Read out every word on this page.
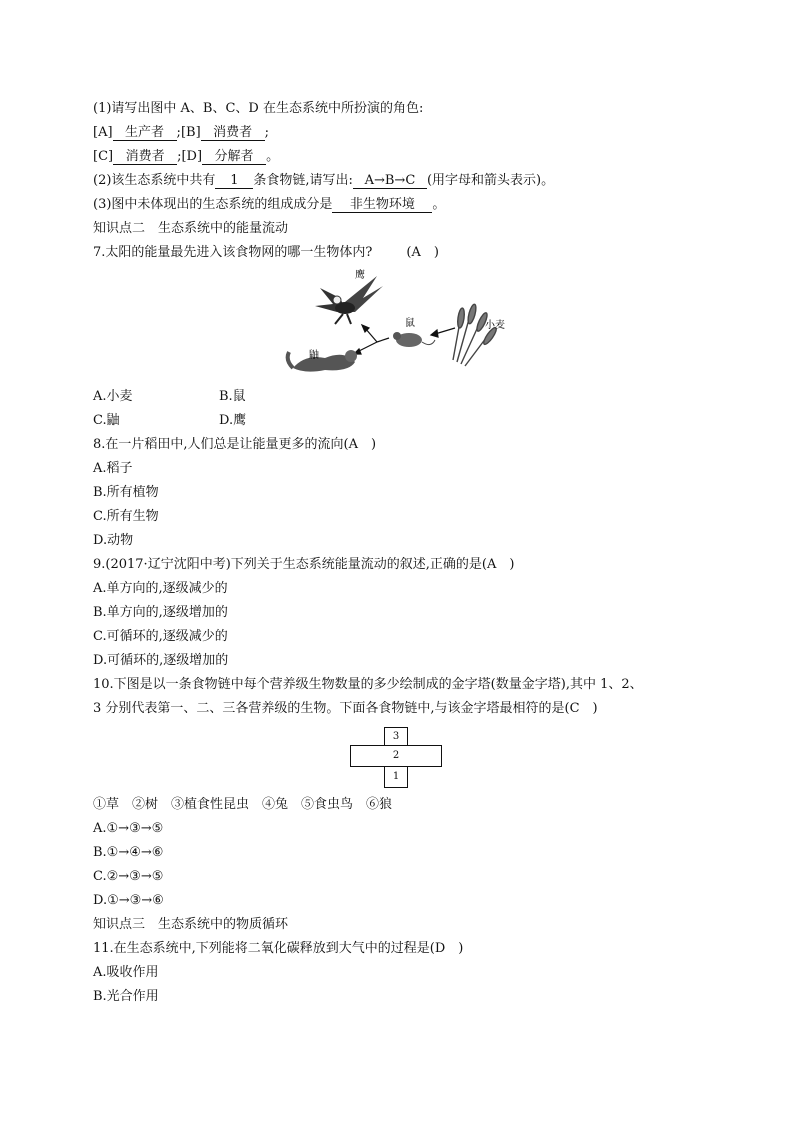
(1)请写出图中 A、B、C、D 在生态系统中所扮演的角色:
[A] 生产者 ;[B] 消费者 ;
[C] 消费者 ;[D] 分解者 。
(2)该生态系统中共有 1 条食物链,请写出: A→B→C (用字母和箭头表示)。
(3)图中未体现出的生态系统的组成成分是 非生物环境 。
知识点二　生态系统中的能量流动
7.太阳的能量最先进入该食物网的哪一生物体内?	(A　)
鹰
鼠	小麦
鼬
A.小麦	B.鼠
C.鼬	D.鹰
8.在一片稻田中,人们总是让能量更多的流向(A　)
A.稻子
B.所有植物
C.所有生物
D.动物
9.(2017·辽宁沈阳中考)下列关于生态系统能量流动的叙述,正确的是(A　)
A.单方向的,逐级减少的
B.单方向的,逐级增加的
C.可循环的,逐级减少的
D.可循环的,逐级增加的
10.下图是以一条食物链中每个营养级生物数量的多少绘制成的金字塔(数量金字塔),其中 1、2、
3 分别代表第一、二、三各营养级的生物。下面各食物链中,与该金字塔最相符的是(C　)
3
2
1
①草　②树　③植食性昆虫　④兔　⑤食虫鸟　⑥狼
A.①→③→⑤
B.①→④→⑥
C.②→③→⑤
D.①→③→⑥
知识点三　生态系统中的物质循环
11.在生态系统中,下列能将二氧化碳释放到大气中的过程是(D　)
A.吸收作用
B.光合作用
